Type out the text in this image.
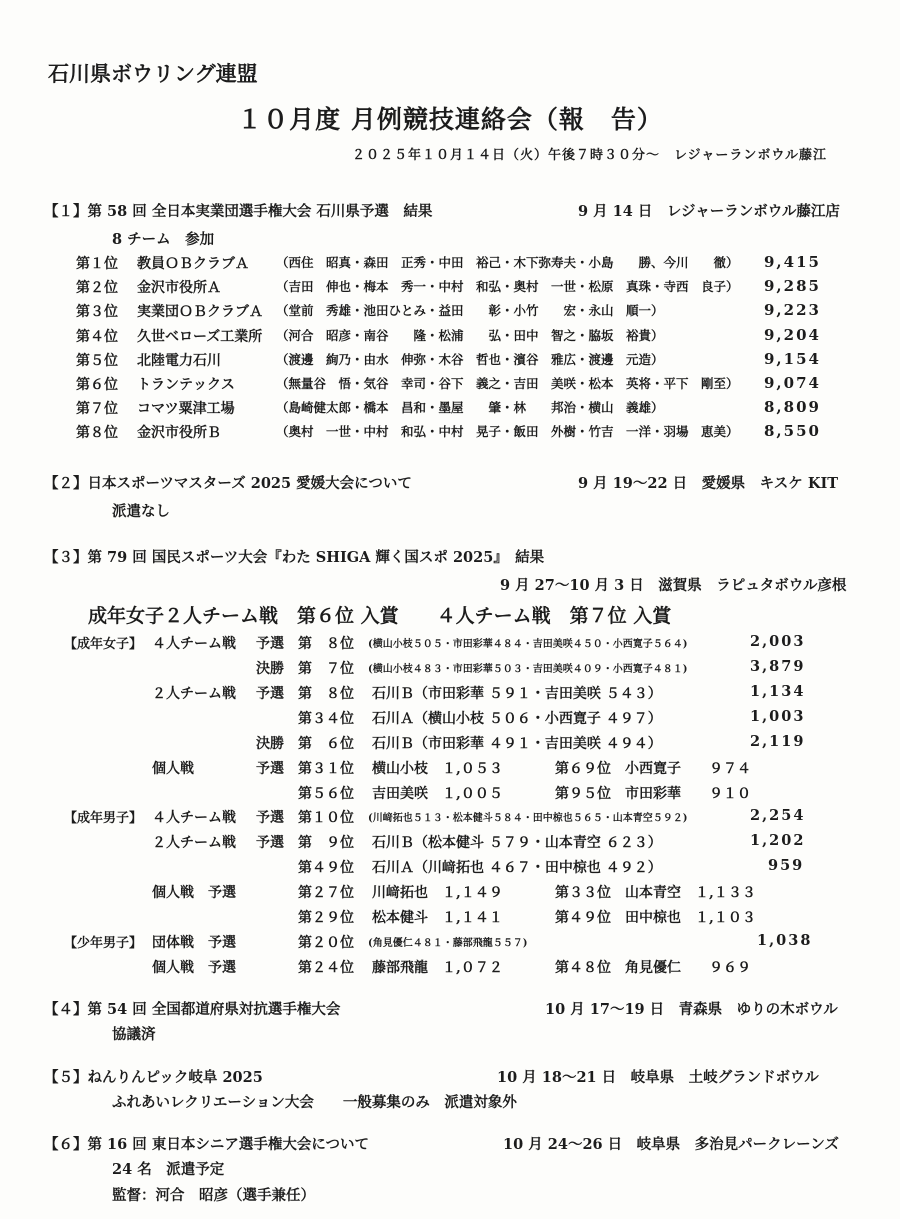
石川県ボウリング連盟
１０月度 月例競技連絡会（報　告）
２０２５年１０月１４日（火）午後７時３０分～　レジャーランボウル藤江
【１】第 58 回 全日本実業団選手権大会 石川県予選　結果	9 月 14 日　レジャーランボウル藤江店
8 チーム　参加
第１位 教員ＯＢクラブＡ （西住　昭真・森田　正秀・中田　裕己・木下弥寿夫・小島　　勝、今川　　徹） 9,415
第２位 金沢市役所Ａ	（吉田　伸也・梅本　秀一・中村　和弘・奥村　一世・松原　真珠・寺西　良子） 9,285
第３位 実業団ＯＢクラブＡ （堂前　秀雄・池田ひとみ・益田　　彰・小竹　　宏・永山　順一）	9,223
第４位 久世ベローズ工業所 （河合　昭彦・南谷　　隆・松浦　　弘・田中　智之・脇坂　裕貴）	9,204
第５位 北陸電力石川	（渡邊　絢乃・由水　伸弥・木谷　哲也・濱谷　雅広・渡邊　元造）	9,154
第６位 トランテックス	（無量谷　悟・気谷　幸司・谷下　義之・吉田　美咲・松本　英将・平下　剛至） 9,074
第７位 コマツ粟津工場	（島崎健太郎・橋本　昌和・墨屋　　肇・林　　邦治・横山　義雄）	8,809
第８位 金沢市役所Ｂ	（奥村　一世・中村　和弘・中村　晃子・飯田　外樹・竹吉　一洋・羽場　恵美） 8,550
【２】日本スポーツマスターズ 2025 愛媛大会について	9 月 19～22 日　愛媛県　キスケ KIT
派遣なし
【３】第 79 回 国民スポーツ大会『わた SHIGA 輝く国スポ 2025』　結果
9 月 27～10 月 3 日　滋賀県　ラピュタボウル彦根
成年女子２人チーム戦　第６位 入賞　　４人チーム戦　第７位 入賞
【成年女子】 ４人チーム戦 予選 第　８位 (横山小枝５０５・市田彩華４８４・吉田美咲４５０・小西寛子５６４)	2,003
決勝 第　７位 (横山小枝４８３・市田彩華５０３・吉田美咲４０９・小西寛子４８１)	3,879
２人チーム戦 予選 第　８位 石川Ｂ（市田彩華 ５９１・吉田美咲 ５４３）	1,134
第３４位 石川Ａ（横山小枝 ５０６・小西寛子 ４９７）	1,003
決勝 第　６位 石川Ｂ（市田彩華 ４９１・吉田美咲 ４９４）	2,119
個人戦	予選 第３１位 横山小枝　１,０５３	第６９位　小西寛子　　９７４
第５６位 吉田美咲　１,００５	第９５位　市田彩華　　９１０
【成年男子】 ４人チーム戦 予選 第１０位 (川﨑拓也５１３・松本健斗５８４・田中椋也５６５・山本青空５９２)	2,254
２人チーム戦 予選 第　９位 石川Ｂ（松本健斗 ５７９・山本青空 ６２３）	1,202
第４９位 石川Ａ（川﨑拓也 ４６７・田中椋也 ４９２）	959
個人戦　予選	第２７位 川﨑拓也　１,１４９	第３３位　山本青空　１,１３３
第２９位 松本健斗　１,１４１	第４９位　田中椋也　１,１０３
【少年男子】 団体戦　予選	第２０位 (角見優仁４８１・藤部飛龍５５７)	1,038
個人戦　予選	第２４位 藤部飛龍　１,０７２	第４８位　角見優仁　　９６９
【４】第 54 回 全国都道府県対抗選手権大会	10 月 17～19 日　青森県　ゆりの木ボウル
協議済
【５】ねんりんピック岐阜 2025	10 月 18～21 日　岐阜県　土岐グランドボウル
ふれあいレクリエーション大会　　一般募集のみ　派遣対象外
【６】第 16 回 東日本シニア選手権大会について	10 月 24～26 日　岐阜県　多治見パークレーンズ
24 名　派遣予定
監督：河合　昭彦（選手兼任）
